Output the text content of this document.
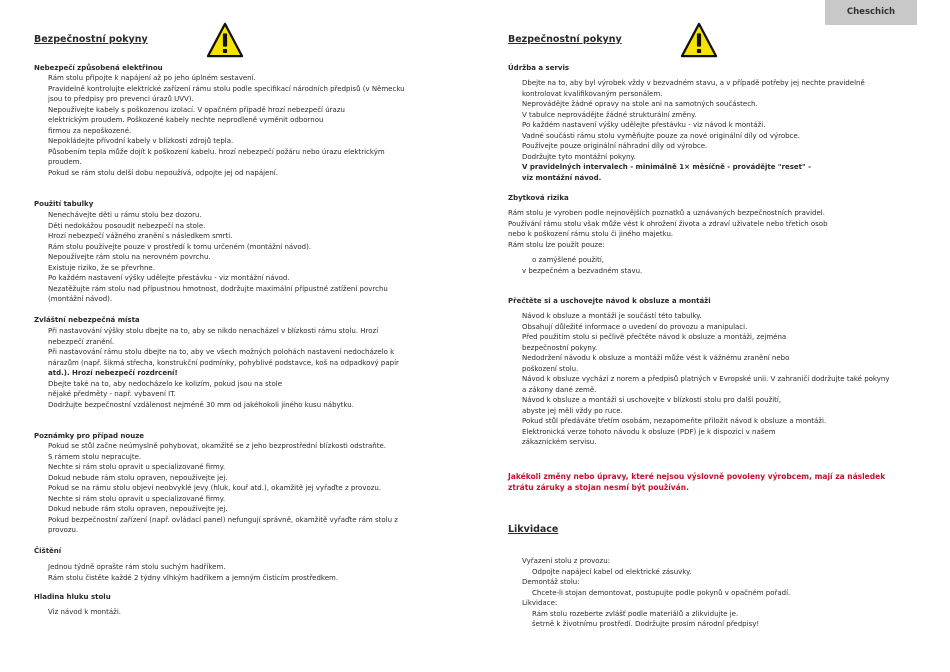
Cheschich
Bezpečnostní pokyny
Nebezpečí způsobená elektřinou
Rám stolu připojte k napájení až po jeho úplném sestavení.
Pravidelně kontrolujte elektrické zařízení rámu stolu podle specifikací národních předpisů (v Německu
jsou to předpisy pro prevenci úrazů UVV).
Nepoužívejte kabely s poškozenou izolací. V opačném případě hrozí nebezpečí úrazu
elektrickým proudem. Poškozené kabely nechte neprodleně vyměnit odbornou
firmou za nepoškozené.
Nepokládejte přívodní kabely v blízkosti zdrojů tepla.
Působením tepla může dojít k poškození kabelu. hrozí nebezpečí požáru nebo úrazu elektrickým
proudem.
Pokud se rám stolu delší dobu nepoužívá, odpojte jej od napájení.
Použití tabulky
Nenechávejte děti u rámu stolu bez dozoru.
Děti nedokážou posoudit nebezpečí na stole.
Hrozí nebezpečí vážného zranění s následkem smrti.
Rám stolu používejte pouze v prostředí k tomu určeném (montážní návod).
Nepoužívejte rám stolu na nerovném povrchu.
Existuje riziko, že se převrhne.
Po každém nastavení výšky udělejte přestávku - viz montážní návod.
Nezatěžujte rám stolu nad přípustnou hmotnost, dodržujte maximální přípustné zatížení povrchu
(montážní návod).
Zvláštní nebezpečná místa
Při nastavování výšky stolu dbejte na to, aby se nikdo nenacházel v blízkosti rámu stolu. Hrozí
nebezpečí zranění.
Při nastavování rámu stolu dbejte na to, aby ve všech možných polohách nastavení nedocházelo k
nárazům (např. šikmá střecha, konstrukční podmínky, pohyblivé podstavce, koš na odpadkový papír
atd.). Hrozí nebezpečí rozdrcení!
Dbejte také na to, aby nedocházelo ke kolizím, pokud jsou na stole
nějaké předměty - např. vybavení IT.
Dodržujte bezpečnostní vzdálenost nejméně 30 mm od jakéhokoli jiného kusu nábytku.
Poznámky pro případ nouze
Pokud se stůl začne neúmyslně pohybovat, okamžitě se z jeho bezprostřední blízkosti odstraňte.
S rámem stolu nepracujte.
Nechte si rám stolu opravit u specializované firmy.
Dokud nebude rám stolu opraven, nepoužívejte jej.
Pokud se na rámu stolu objeví neobvyklé jevy (hluk, kouř atd.), okamžitě jej vyřaďte z provozu.
Nechte si rám stolu opravit u specializované firmy.
Dokud nebude rám stolu opraven, nepoužívejte jej.
Pokud bezpečnostní zařízení (např. ovládací panel) nefungují správně, okamžitě vyřaďte rám stolu z
provozu.
Čištění
Jednou týdně oprašte rám stolu suchým hadříkem.
Rám stolu čistěte každé 2 týdny vlhkým hadříkem a jemným čisticím prostředkem.
Hladina hluku stolu
Viz návod k montáži.
Bezpečnostní pokyny
Údržba a servis
Dbejte na to, aby byl výrobek vždy v bezvadném stavu, a v případě potřeby jej nechte pravidelně
kontrolovat kvalifikovaným personálem.
Neprovádějte žádné opravy na stole ani na samotných součástech.
V tabulce neprovádějte žádné strukturální změny.
Po každém nastavení výšky udělejte přestávku - viz návod k montáži.
Vadné součásti rámu stolu vyměňujte pouze za nové originální díly od výrobce.
Používejte pouze originální náhradní díly od výrobce.
Dodržujte tyto montážní pokyny.
V pravidelných intervalech - minimálně 1× měsíčně - provádějte "reset" -
viz montážní návod.
Zbytková rizika
Rám stolu je vyroben podle nejnovějších poznatků a uznávaných bezpečnostních pravidel.
Používání rámu stolu však může vést k ohrožení života a zdraví uživatele nebo třetích osob
nebo k poškození rámu stolu či jiného majetku.
Rám stolu lze použít pouze:
o zamýšlené použití,
v bezpečném a bezvadném stavu.
Přečtěte si a uschovejte návod k obsluze a montáži
Návod k obsluze a montáži je součástí této tabulky.
Obsahují důležité informace o uvedení do provozu a manipulaci.
Před použitím stolu si pečlivě přečtěte návod k obsluze a montáži, zejména
bezpečnostní pokyny.
Nedodržení návodu k obsluze a montáži může vést k vážnému zranění nebo
poškození stolu.
Návod k obsluze vychází z norem a předpisů platných v Evropské unii. V zahraničí dodržujte také pokyny
a zákony dané země.
Návod k obsluze a montáži si uschovejte v blízkosti stolu pro další použití,
abyste jej měli vždy po ruce.
Pokud stůl předáváte třetím osobám, nezapomeňte přiložit návod k obsluze a montáži.
Elektronická verze tohoto návodu k obsluze (PDF) je k dispozici v našem
zákaznickém servisu.
Jakékoli změny nebo úpravy, které nejsou výslovně povoleny výrobcem, mají za následek ztrátu záruky a stojan nesmí být používán.
Likvidace
Vyřazení stolu z provozu:
Odpojte napájecí kabel od elektrické zásuvky.
Demontáž stolu:
Chcete-li stojan demontovat, postupujte podle pokynů v opačném pořadí.
Likvidace:
Rám stolu rozeberte zvlášť podle materiálů a zlikvidujte je.
šetrně k životnímu prostředí. Dodržujte prosím národní předpisy!
